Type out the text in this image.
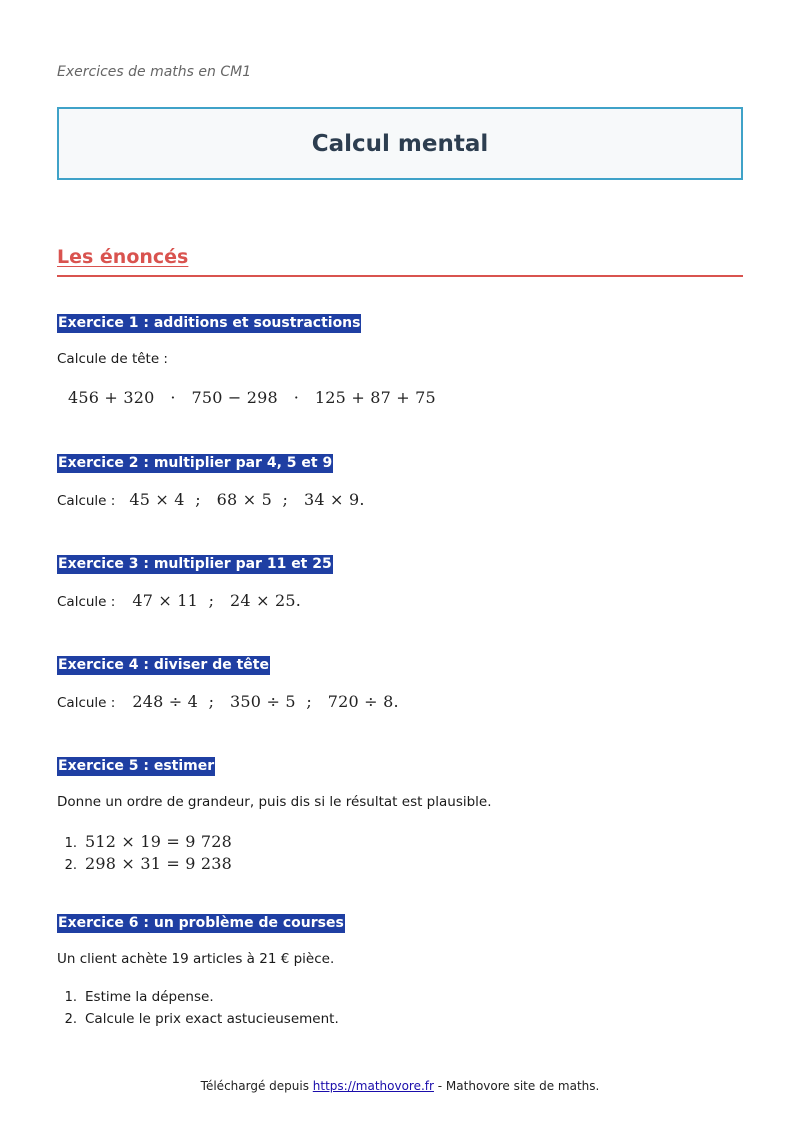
Exercices de maths en CM1
Calcul mental
Les énoncés
Exercice 1 : additions et soustractions
Calcule de tête :
456 + 320   ·   750 − 298   ·   125 + 87 + 75
Exercice 2 : multiplier par 4, 5 et 9
Calcule : 45 × 4  ;   68 × 5  ;   34 × 9.
Exercice 3 : multiplier par 11 et 25
Calcule : 47 × 11  ;   24 × 25.
Exercice 4 : diviser de tête
Calcule : 248 ÷ 4  ;   350 ÷ 5  ;   720 ÷ 8.
Exercice 5 : estimer
Donne un ordre de grandeur, puis dis si le résultat est plausible.
1. 512 × 19 = 9 728
2. 298 × 31 = 9 238
Exercice 6 : un problème de courses
Un client achète 19 articles à 21 € pièce.
1. Estime la dépense.
2. Calcule le prix exact astucieusement.
Téléchargé depuis https://mathovore.fr - Mathovore site de maths.
